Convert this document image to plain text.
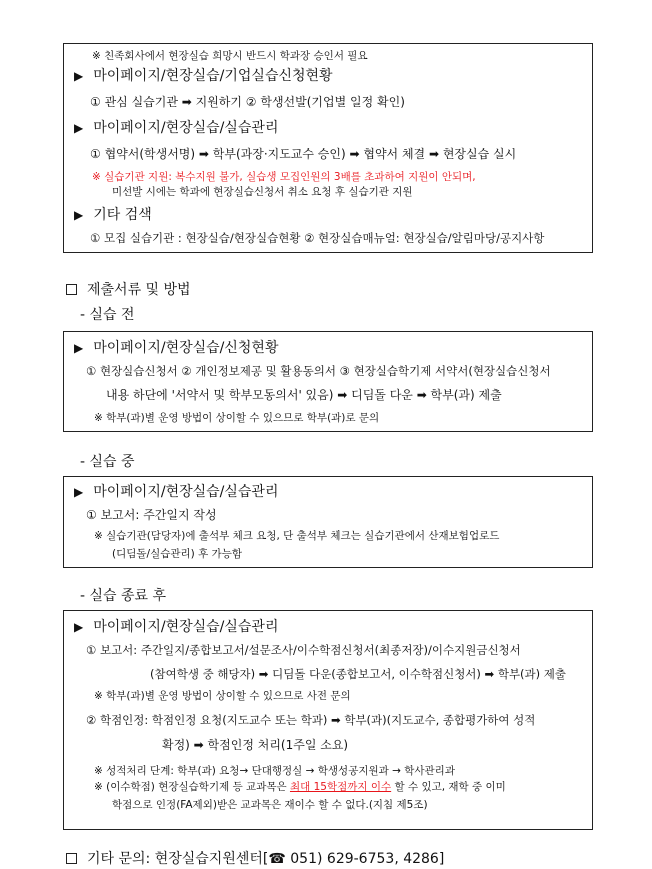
※ 친족회사에서 현장실습 희망시 반드시 학과장 승인서 필요
▶ 마이페이지/현장실습/기업실습신청현황
① 관심 실습기관 ➡ 지원하기 ② 학생선발(기업별 일정 확인)
▶ 마이페이지/현장실습/실습관리
① 협약서(학생서명) ➡ 학부(과장·지도교수 승인) ➡ 협약서 체결 ➡ 현장실습 실시
※ 실습기관 지원: 복수지원 불가, 실습생 모집인원의 3배를 초과하여 지원이 안되며,
미선발 시에는 학과에 현장실습신청서 취소 요청 후 실습기관 지원
▶ 기타 검색
① 모집 실습기관 : 현장실습/현장실습현황 ② 현장실습매뉴얼: 현장실습/알림마당/공지사항
제출서류 및 방법
- 실습 전
▶ 마이페이지/현장실습/신청현황
① 현장실습신청서 ② 개인정보제공 및 활용동의서 ③ 현장실습학기제 서약서(현장실습신청서
내용 하단에 '서약서 및 학부모동의서' 있음) ➡ 디딤돌 다운 ➡ 학부(과) 제출
※ 학부(과)별 운영 방법이 상이할 수 있으므로 학부(과)로 문의
- 실습 중
▶ 마이페이지/현장실습/실습관리
① 보고서: 주간일지 작성
※ 실습기관(담당자)에 출석부 체크 요청, 단 출석부 체크는 실습기관에서 산재보험업로드
(디딤돌/실습관리) 후 가능함
- 실습 종료 후
▶ 마이페이지/현장실습/실습관리
① 보고서: 주간일지/종합보고서/설문조사/이수학점신청서(최종저장)/이수지원금신청서
(참여학생 중 해당자) ➡ 디딤돌 다운(종합보고서, 이수학점신청서) ➡ 학부(과) 제출
※ 학부(과)별 운영 방법이 상이할 수 있으므로 사전 문의
② 학점인정: 학점인정 요청(지도교수 또는 학과) ➡ 학부(과)(지도교수, 종합평가하여 성적
확정) ➡ 학점인정 처리(1주일 소요)
※ 성적처리 단계: 학부(과) 요청→ 단대행정실 → 학생성공지원과 → 학사관리과
※ (이수학점) 현장실습학기제 등 교과목은 최대 15학점까지 이수 할 수 있고, 재학 중 이미
학점으로 인정(FA제외)받은 교과목은 재이수 할 수 없다.(지침 제5조)
기타 문의: 현장실습지원센터[☎ 051) 629-6753, 4286]
